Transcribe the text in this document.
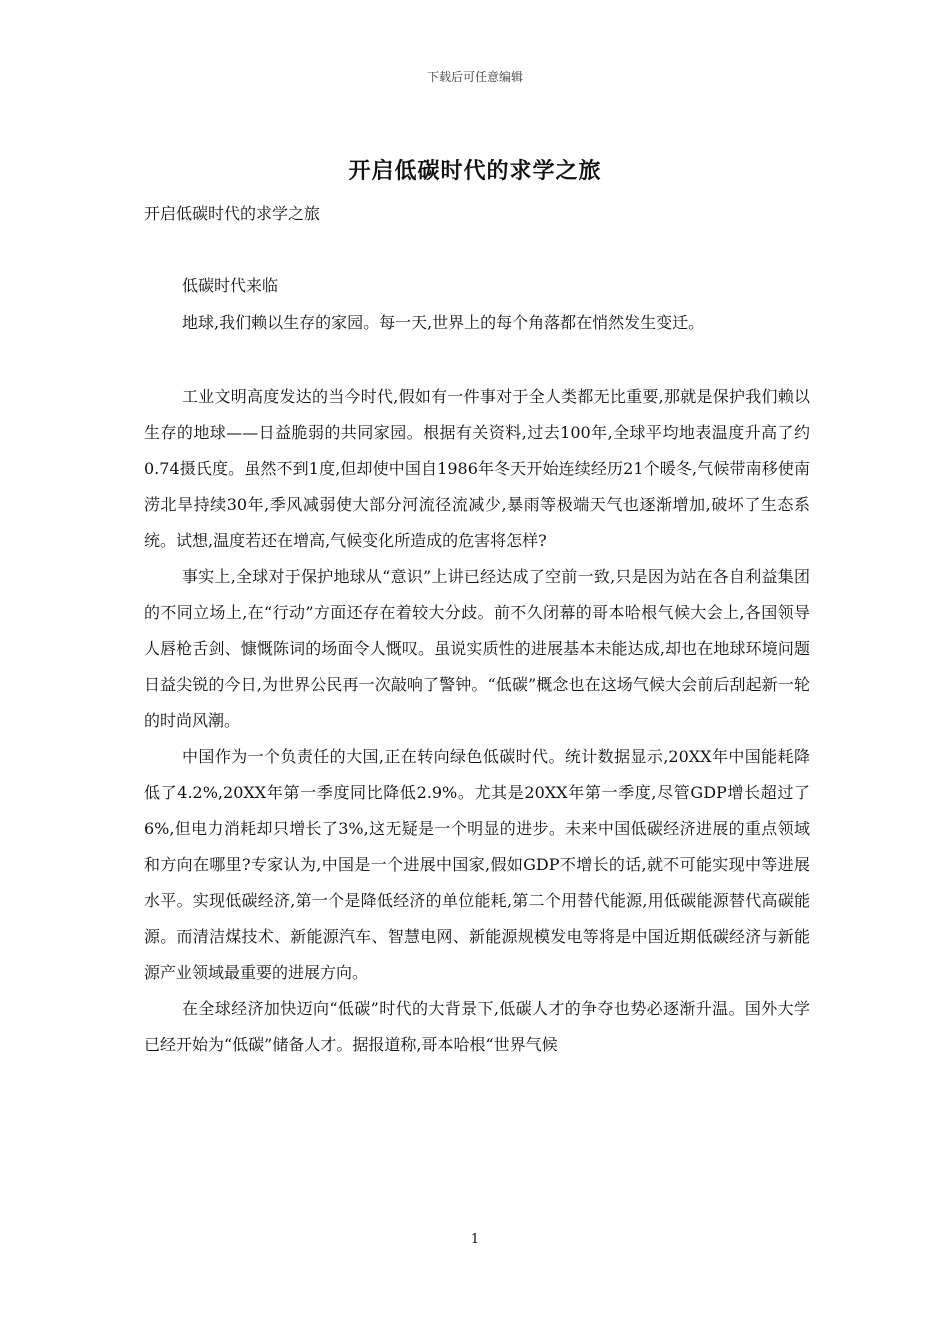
下载后可任意编辑
开启低碳时代的求学之旅
开启低碳时代的求学之旅
低碳时代来临
地球,我们赖以生存的家园。每一天,世界上的每个角落都在悄然发生变迁。

工业文明高度发达的当今时代,假如有一件事对于全人类都无比重要,那就是保护我们赖以生存的地球——日益脆弱的共同家园。根据有关资料,过去100年,全球平均地表温度升高了约0.74摄氏度。虽然不到1度,但却使中国自1986年冬天开始连续经历21个暖冬,气候带南移使南涝北旱持续30年,季风减弱使大部分河流径流减少,暴雨等极端天气也逐渐增加,破坏了生态系统。试想,温度若还在增高,气候变化所造成的危害将怎样?

事实上,全球对于保护地球从“意识”上讲已经达成了空前一致,只是因为站在各自利益集团的不同立场上,在“行动”方面还存在着较大分歧。前不久闭幕的哥本哈根气候大会上,各国领导人唇枪舌剑、慷慨陈词的场面令人慨叹。虽说实质性的进展基本未能达成,却也在地球环境问题日益尖锐的今日,为世界公民再一次敲响了警钟。“低碳”概念也在这场气候大会前后刮起新一轮的时尚风潮。

中国作为一个负责任的大国,正在转向绿色低碳时代。统计数据显示,20XX年中国能耗降低了4.2%,20XX年第一季度同比降低2.9%。尤其是20XX年第一季度,尽管GDP增长超过了6%,但电力消耗却只增长了3%,这无疑是一个明显的进步。未来中国低碳经济进展的重点领域和方向在哪里?专家认为,中国是一个进展中国家,假如GDP不增长的话,就不可能实现中等进展水平。实现低碳经济,第一个是降低经济的单位能耗,第二个用替代能源,用低碳能源替代高碳能源。而清洁煤技术、新能源汽车、智慧电网、新能源规模发电等将是中国近期低碳经济与新能源产业领域最重要的进展方向。

在全球经济加快迈向“低碳”时代的大背景下,低碳人才的争夺也势必逐渐升温。国外大学已经开始为“低碳”储备人才。据报道称,哥本哈根“世界气候

1
